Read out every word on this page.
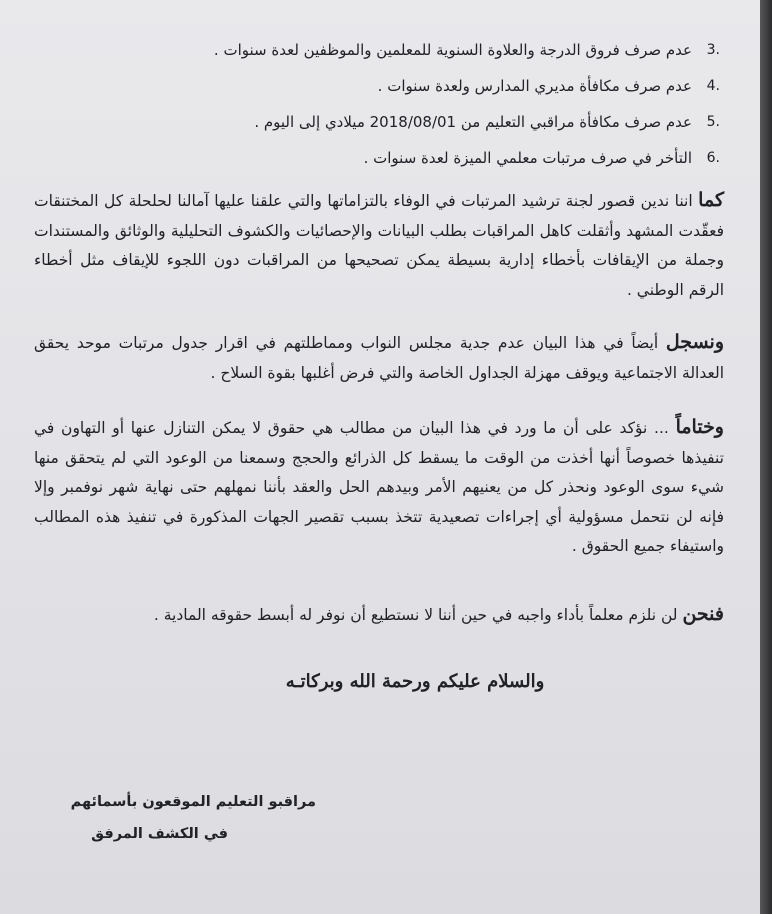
3.
عدم صرف فروق الدرجة والعلاوة السنوية للمعلمين والموظفين لعدة سنوات .
4.
عدم صرف مكافأة مديري المدارس ولعدة سنوات .
5.
عدم صرف مكافأة مراقبي التعليم من 2018/08/01 ميلادي إلى اليوم .
6.
التأخر في صرف مرتبات معلمي الميزة لعدة سنوات .
كما اننا ندين قصور لجنة ترشيد المرتبات في الوفاء بالتزاماتها والتي علقنا عليها آمالنا لحلحلة كل المختنقات فعقّدت المشهد وأثقلت كاهل المراقبات بطلب البيانات والإحصائيات والكشوف التحليلية والوثائق والمستندات وجملة من الإيقافات بأخطاء إدارية بسيطة يمكن تصحيحها من المراقبات دون اللجوء للإيقاف مثل أخطاء الرقم الوطني .
ونسجل أيضاً في هذا البيان عدم جدية مجلس النواب ومماطلتهم في اقرار جدول مرتبات موحد يحقق العدالة الاجتماعية ويوقف مهزلة الجداول الخاصة والتي فرض أغلبها بقوة السلاح .
وختاماً ... نؤكد على أن ما ورد في هذا البيان من مطالب هي حقوق لا يمكن التنازل عنها أو التهاون في تنفيذها خصوصاً أنها أخذت من الوقت ما يسقط كل الذرائع والحجج وسمعنا من الوعود التي لم يتحقق منها شيء سوى الوعود ونحذر كل من يعنيهم الأمر وبيدهم الحل والعقد بأننا نمهلهم حتى نهاية شهر نوفمبر وإلا فإنه لن نتحمل مسؤولية أي إجراءات تصعيدية تتخذ بسبب تقصير الجهات المذكورة في تنفيذ هذه المطالب واستيفاء جميع الحقوق .
فنحن لن نلزم معلماً بأداء واجبه في حين أننا لا نستطيع أن نوفر له أبسط حقوقه المادية .
والسلام عليكم ورحمة الله وبركاتـه
مراقبو التعليم الموقعون بأسمائهم
في الكشف المرفق
